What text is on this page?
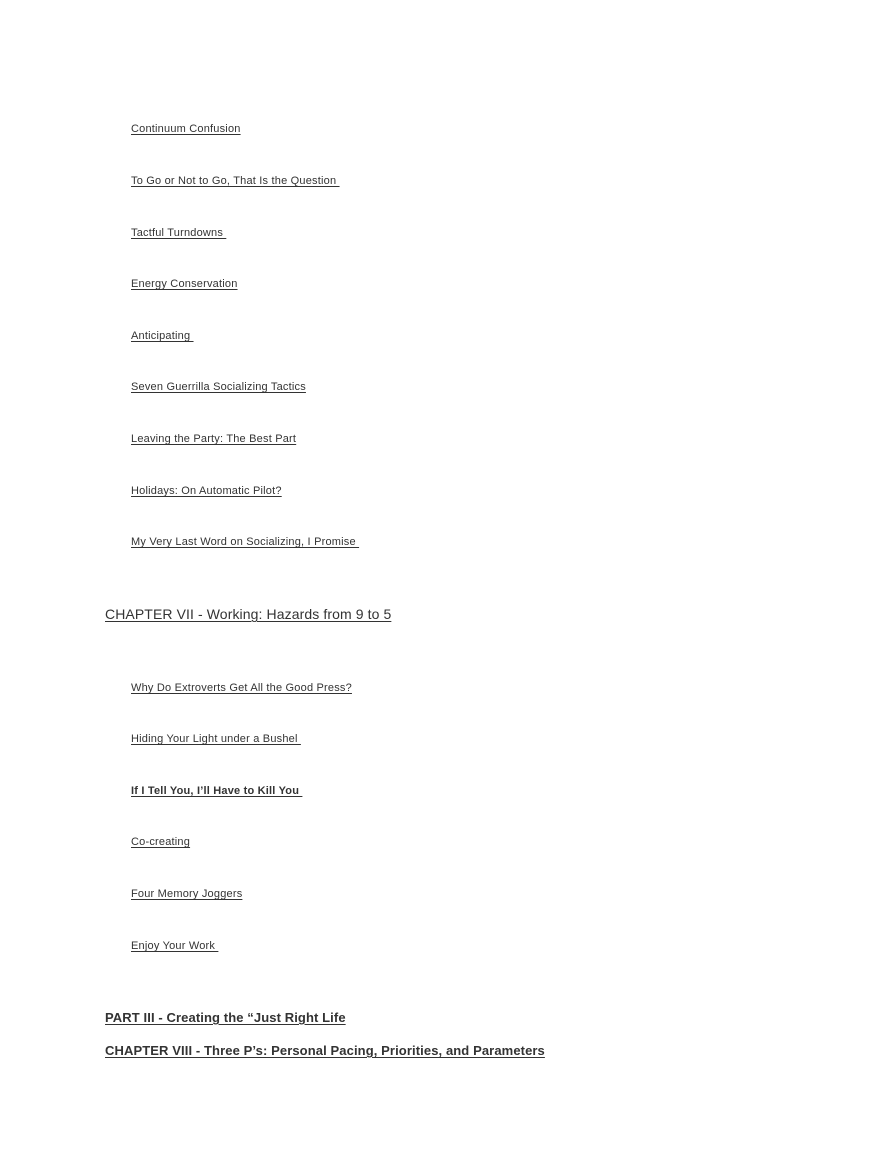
Continuum Confusion
To Go or Not to Go, That Is the Question
Tactful Turndowns
Energy Conservation
Anticipating
Seven Guerrilla Socializing Tactics
Leaving the Party: The Best Part
Holidays: On Automatic Pilot?
My Very Last Word on Socializing, I Promise
CHAPTER VII - Working: Hazards from 9 to 5
Why Do Extroverts Get All the Good Press?
Hiding Your Light under a Bushel
If I Tell You, I’ll Have to Kill You
Co-creating
Four Memory Joggers
Enjoy Your Work
PART III - Creating the “Just Right Life
CHAPTER VIII - Three P’s: Personal Pacing, Priorities, and Parameters
